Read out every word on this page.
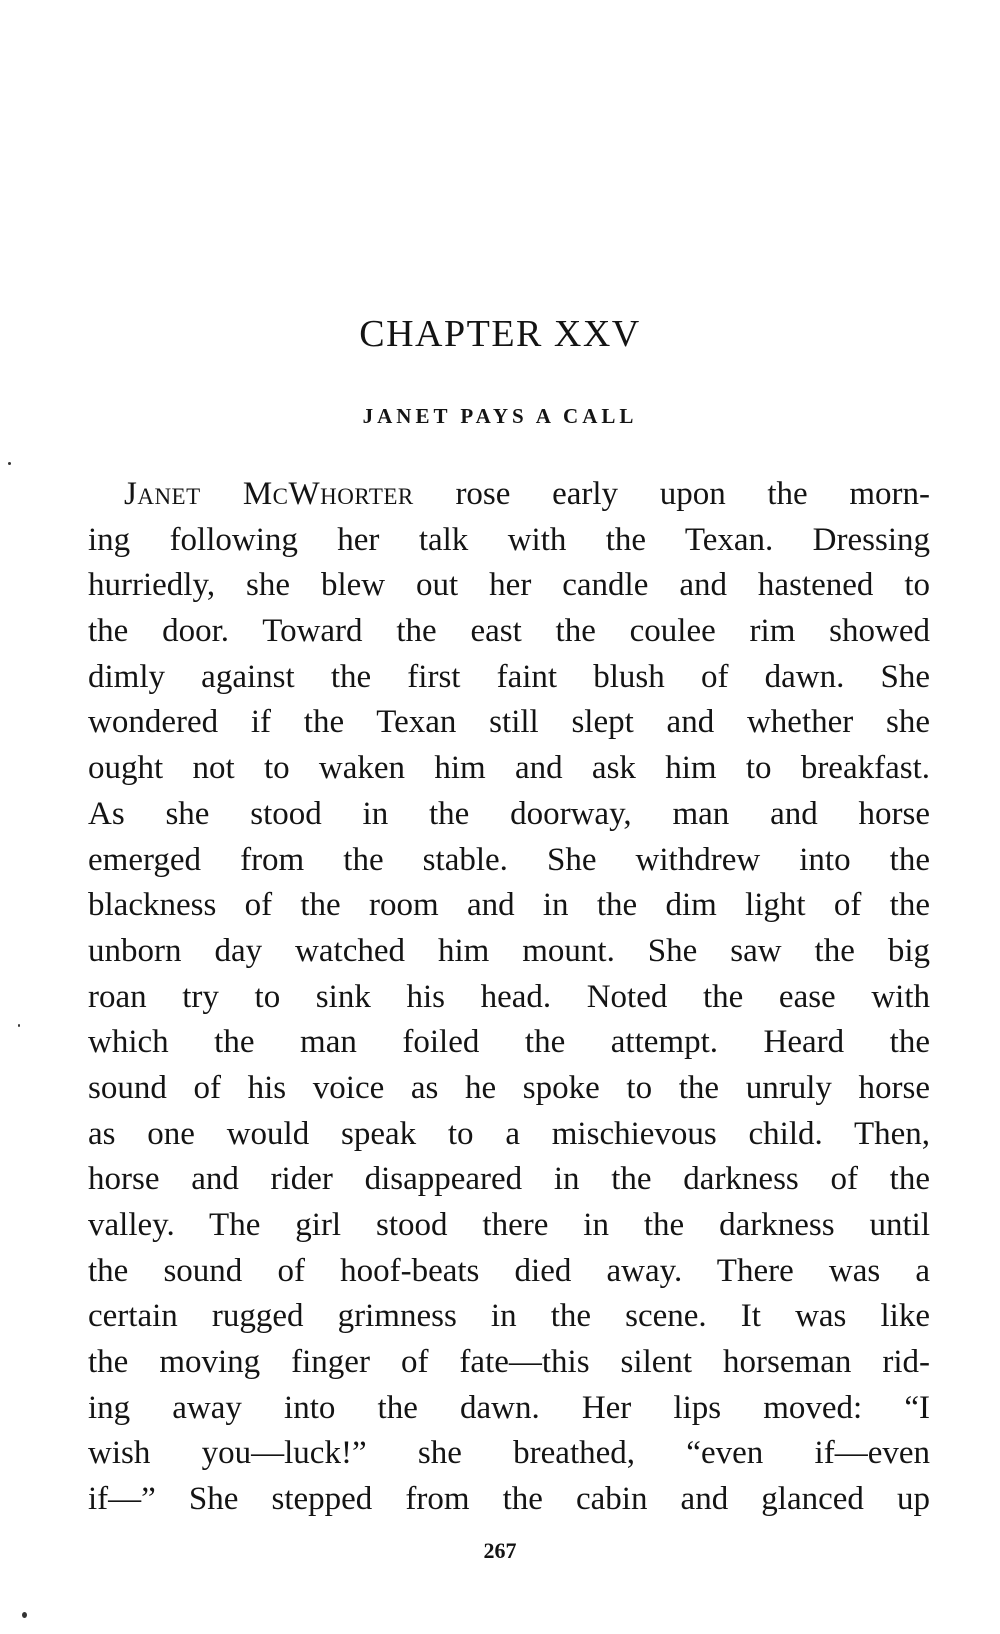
CHAPTER XXV
JANET PAYS A CALL
Janet McWhorter rose early upon the morn-
ing following her talk with the Texan. Dressing
hurriedly, she blew out her candle and hastened to
the door. Toward the east the coulee rim showed
dimly against the first faint blush of dawn. She
wondered if the Texan still slept and whether she
ought not to waken him and ask him to breakfast.
As she stood in the doorway, man and horse
emerged from the stable. She withdrew into the
blackness of the room and in the dim light of the
unborn day watched him mount. She saw the big
roan try to sink his head. Noted the ease with
which the man foiled the attempt. Heard the
sound of his voice as he spoke to the unruly horse
as one would speak to a mischievous child. Then,
horse and rider disappeared in the darkness of the
valley. The girl stood there in the darkness until
the sound of hoof-beats died away. There was a
certain rugged grimness in the scene. It was like
the moving finger of fate—this silent horseman rid-
ing away into the dawn. Her lips moved: “I
wish you—luck!” she breathed, “even if—even
if—” She stepped from the cabin and glanced up
267
